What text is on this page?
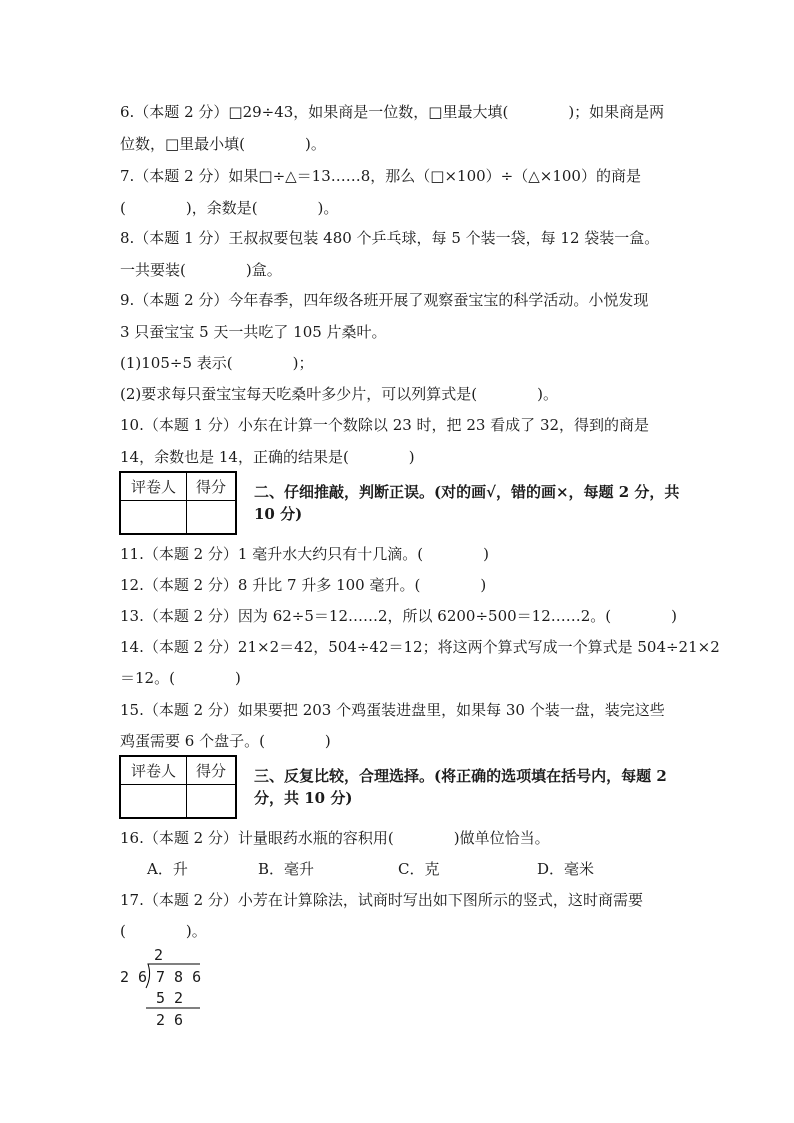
6.（本题 2 分）□29÷43，如果商是一位数，□里最大填(　　　　)；如果商是两
位数，□里最小填(　　　　)。
7.（本题 2 分）如果□÷△＝13……8，那么（□×100）÷（△×100）的商是
(　　　　)，余数是(　　　　)。
8.（本题 1 分）王叔叔要包装 480 个乒乓球，每 5 个装一袋，每 12 袋装一盒。
一共要装(　　　　)盒。
9.（本题 2 分）今年春季，四年级各班开展了观察蚕宝宝的科学活动。小悦发现
3 只蚕宝宝 5 天一共吃了 105 片桑叶。
(1)105÷5 表示(　　　　)；
(2)要求每只蚕宝宝每天吃桑叶多少片，可以列算式是(　　　　)。
10.（本题 1 分）小东在计算一个数除以 23 时，把 23 看成了 32，得到的商是
14，余数也是 14，正确的结果是(　　　　)
11.（本题 2 分）1 毫升水大约只有十几滴。(　　　　)
12.（本题 2 分）8 升比 7 升多 100 毫升。(　　　　)
13.（本题 2 分）因为 62÷5＝12……2，所以 6200÷500＝12……2。(　　　　)
14.（本题 2 分）21×2＝42，504÷42＝12；将这两个算式写成一个算式是 504÷21×2
＝12。(　　　　)
15.（本题 2 分）如果要把 203 个鸡蛋装进盘里，如果每 30 个装一盘，装完这些
鸡蛋需要 6 个盘子。(　　　　)
16.（本题 2 分）计量眼药水瓶的容积用(　　　　)做单位恰当。
17.（本题 2 分）小芳在计算除法，试商时写出如下图所示的竖式，这时商需要
(　　　　)。
评卷人	得分	二、仔细推敲，判断正误。(对的画√，错的画×，每题 2 分，共 10 分)
评卷人	得分	三、反复比较，合理选择。(将正确的选项填在括号内，每题 2 分，共 10 分)
A．升	B．毫升	C．克	D．毫米
2
2 6 7 8 6
5 2
2 6
